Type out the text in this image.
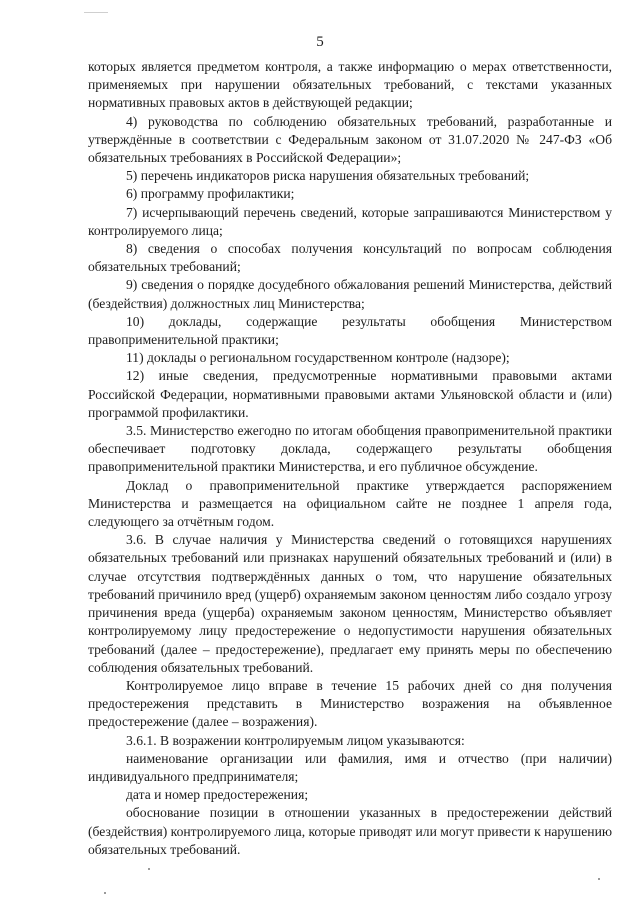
5

которых является предметом контроля, а также информацию о мерах ответственности, применяемых при нарушении обязательных требований, с текстами указанных нормативных правовых актов в действующей редакции;

4) руководства по соблюдению обязательных требований, разработанные и утверждённые в соответствии с Федеральным законом от 31.07.2020 № 247-ФЗ «Об обязательных требованиях в Российской Федерации»;

5) перечень индикаторов риска нарушения обязательных требований;

6) программу профилактики;

7) исчерпывающий перечень сведений, которые запрашиваются Министерством у контролируемого лица;

8) сведения о способах получения консультаций по вопросам соблюдения обязательных требований;

9) сведения о порядке досудебного обжалования решений Министерства, действий (бездействия) должностных лиц Министерства;

10) доклады, содержащие результаты обобщения Министерством правоприменительной практики;

11) доклады о региональном государственном контроле (надзоре);

12) иные сведения, предусмотренные нормативными правовыми актами Российской Федерации, нормативными правовыми актами Ульяновской области и (или) программой профилактики.

3.5. Министерство ежегодно по итогам обобщения правоприменительной практики обеспечивает подготовку доклада, содержащего результаты обобщения правоприменительной практики Министерства, и его публичное обсуждение.

Доклад о правоприменительной практике утверждается распоряжением Министерства и размещается на официальном сайте не позднее 1 апреля года, следующего за отчётным годом.

3.6. В случае наличия у Министерства сведений о готовящихся нарушениях обязательных требований или признаках нарушений обязательных требований и (или) в случае отсутствия подтверждённых данных о том, что нарушение обязательных требований причинило вред (ущерб) охраняемым законом ценностям либо создало угрозу причинения вреда (ущерба) охраняемым законом ценностям, Министерство объявляет контролируемому лицу предостережение о недопустимости нарушения обязательных требований (далее – предостережение), предлагает ему принять меры по обеспечению соблюдения обязательных требований.

Контролируемое лицо вправе в течение 15 рабочих дней со дня получения предостережения представить в Министерство возражения на объявленное предостережение (далее – возражения).

3.6.1. В возражении контролируемым лицом указываются:

наименование организации или фамилия, имя и отчество (при наличии) индивидуального предпринимателя;

дата и номер предостережения;

обоснование позиции в отношении указанных в предостережении действий (бездействия) контролируемого лица, которые приводят или могут привести к нарушению обязательных требований.
